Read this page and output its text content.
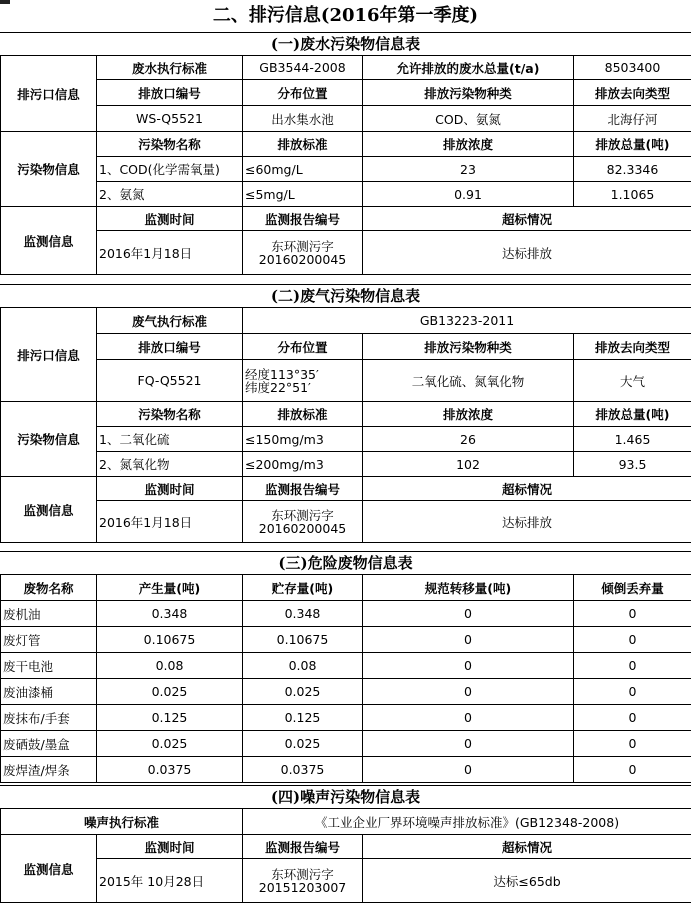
二、排污信息(2016年第一季度)
(一)废水污染物信息表
排污口信息	废水执行标准	GB3544-2008	允许排放的废水总量(t/a)	8503400
	排放口编号	分布位置	排放污染物种类	排放去向类型
	WS-Q5521	出水集水池	COD、氨氮	北海仔河
污染物信息	污染物名称	排放标准	排放浓度	排放总量(吨)
	1、COD(化学需氧量)	≤60mg/L	23	82.3346
	2、氨氮	≤5mg/L	0.91	1.1065
监测信息	监测时间	监测报告编号	超标情况	
	2016年1月18日	东环测污字
20160200045	达标排放	
(二)废气污染物信息表
排污口信息	废气执行标准	GB13223-2011		
	排放口编号	分布位置	排放污染物种类	排放去向类型
	FQ-Q5521	经度113°35′
纬度22°51′	二氧化硫、氮氧化物	大气
污染物信息	污染物名称	排放标准	排放浓度	排放总量(吨)
	1、二氧化硫	≤150mg/m3	26	1.465
	2、氮氧化物	≤200mg/m3	102	93.5
监测信息	监测时间	监测报告编号	超标情况	
	2016年1月18日	东环测污字
20160200045	达标排放	
(三)危险废物信息表
废物名称	产生量(吨)	贮存量(吨)	规范转移量(吨)	倾倒丢弃量
废机油	0.348	0.348	0	0
废灯管	0.10675	0.10675	0	0
废干电池	0.08	0.08	0	0
废油漆桶	0.025	0.025	0	0
废抹布/手套	0.125	0.125	0	0
废硒鼓/墨盒	0.025	0.025	0	0
废焊渣/焊条	0.0375	0.0375	0	0
(四)噪声污染物信息表
噪声执行标准		《工业企业厂界环境噪声排放标准》(GB12348-2008)	
监测信息	监测时间	监测报告编号	超标情况
	2015年 10月28日	东环测污字
20151203007	达标≤65db
